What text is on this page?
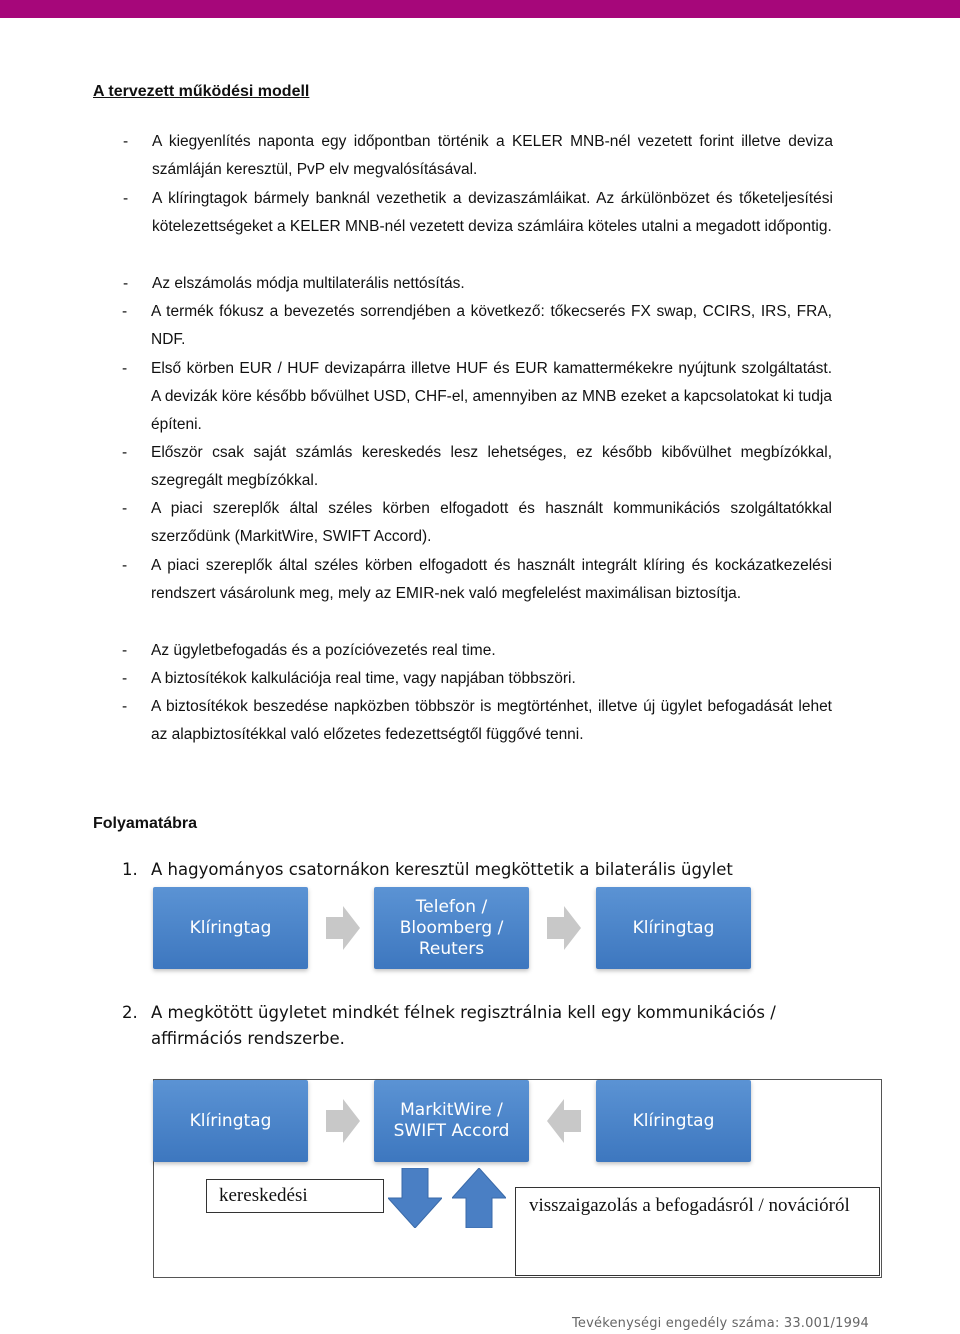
A tervezett működési modell
- A kiegyenlítés naponta egy időpontban történik a KELER MNB-nél vezetett forint illetve deviza számláján keresztül, PvP elv megvalósításával.
- A klíringtagok bármely banknál vezethetik a devizaszámláikat. Az árkülönbözet és tőketeljesítési kötelezettségeket a KELER MNB-nél vezetett deviza számláira köteles utalni a megadott időpontig.
- Az elszámolás módja multilaterális nettósítás.
- A termék fókusz a bevezetés sorrendjében a következő: tőkecserés FX swap, CCIRS, IRS, FRA, NDF.
- Első körben EUR / HUF devizapárra illetve HUF és EUR kamattermékekre nyújtunk szolgáltatást. A devizák köre később bővülhet USD, CHF-el, amennyiben az MNB ezeket a kapcsolatokat ki tudja építeni.
- Először csak saját számlás kereskedés lesz lehetséges, ez később kibővülhet megbízókkal, szegregált megbízókkal.
- A piaci szereplők által széles körben elfogadott és használt kommunikációs szolgáltatókkal szerződünk (MarkitWire, SWIFT Accord).
- A piaci szereplők által széles körben elfogadott és használt integrált klíring és kockázatkezelési rendszert vásárolunk meg, mely az EMIR-nek való megfelelést maximálisan biztosítja.
- Az ügyletbefogadás és a pozícióvezetés real time.
- A biztosítékok kalkulációja real time, vagy napjában többszöri.
- A biztosítékok beszedése napközben többször is megtörténhet, illetve új ügylet befogadását lehet az alapbiztosítékkal való előzetes fedezettségtől függővé tenni.
Folyamatábra
1. A hagyományos csatornákon keresztül megköttetik a bilaterális ügylet
Klíringtag
Telefon /
Bloomberg /
Reuters
Klíringtag
2. A megkötött ügyletet mindkét félnek regisztrálnia kell egy kommunikációs / affirmációs rendszerbe.
Klíringtag
MarkitWire /
SWIFT Accord
Klíringtag
kereskedési	visszaigazolás a befogadásról / novációról
Tevékenységi engedély száma: 33.001/1994
